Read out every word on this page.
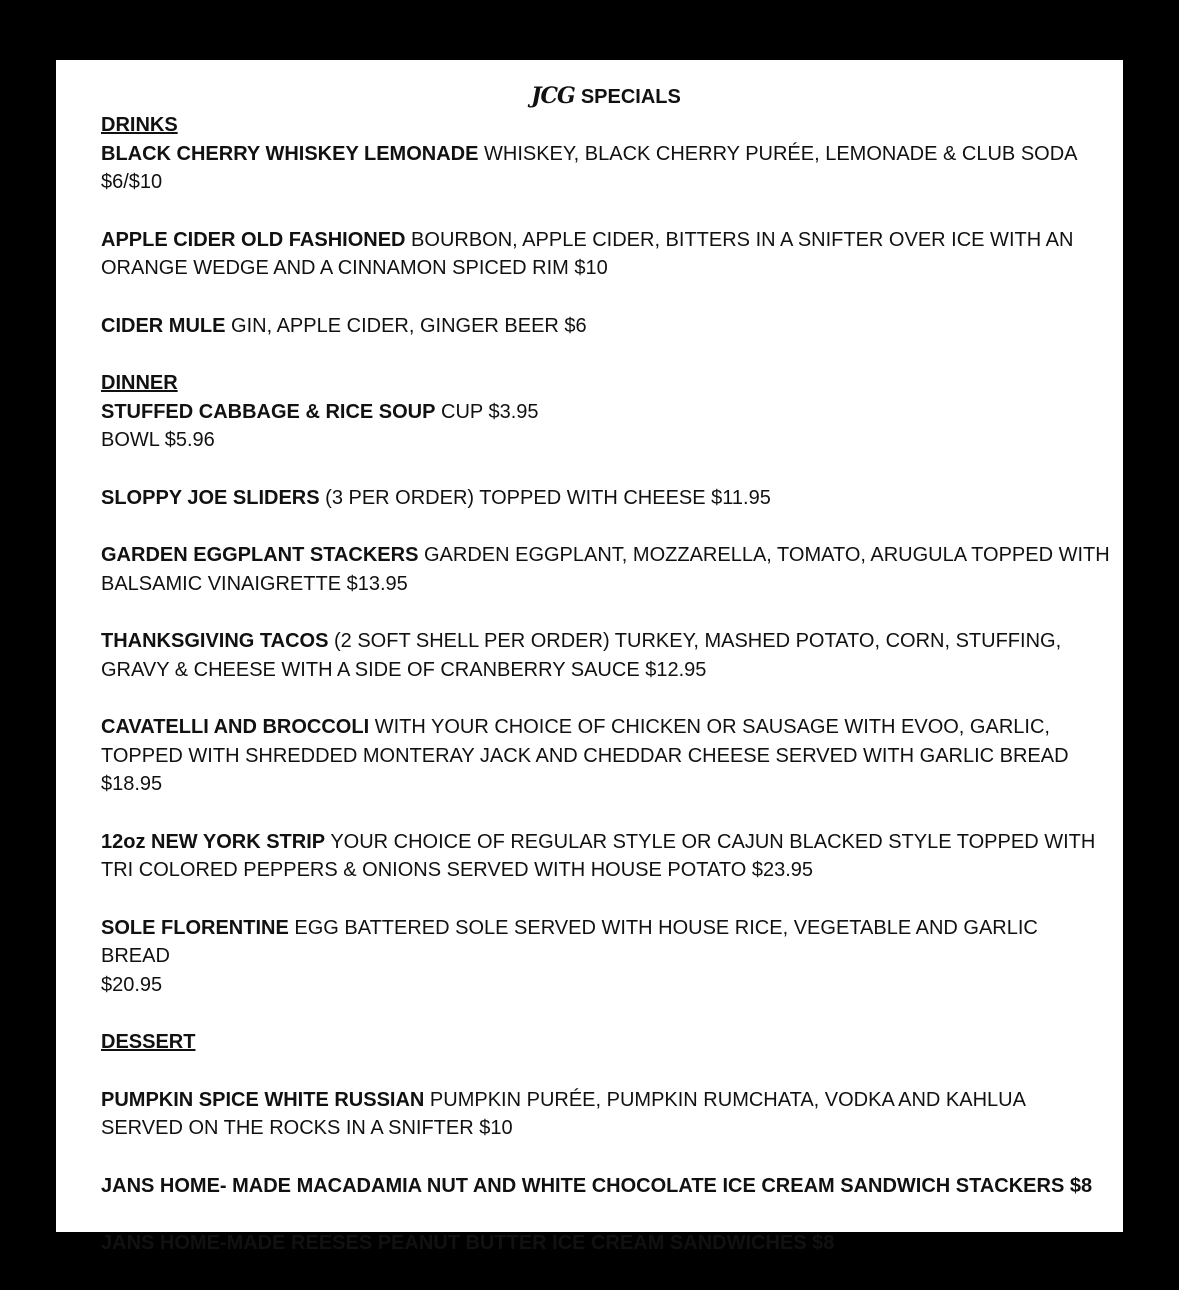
JCG SPECIALS

DRINKS

BLACK CHERRY WHISKEY LEMONADE WHISKEY, BLACK CHERRY PURÉE, LEMONADE & CLUB SODA
$6/$10

APPLE CIDER OLD FASHIONED BOURBON, APPLE CIDER, BITTERS IN A SNIFTER OVER ICE WITH AN ORANGE WEDGE AND A CINNAMON SPICED RIM $10

CIDER MULE GIN, APPLE CIDER, GINGER BEER $6

DINNER

STUFFED CABBAGE & RICE SOUP CUP $3.95
BOWL $5.96

SLOPPY JOE SLIDERS (3 PER ORDER) TOPPED WITH CHEESE $11.95

GARDEN EGGPLANT STACKERS GARDEN EGGPLANT, MOZZARELLA, TOMATO, ARUGULA TOPPED WITH BALSAMIC VINAIGRETTE $13.95

THANKSGIVING TACOS (2 SOFT SHELL PER ORDER) TURKEY, MASHED POTATO, CORN, STUFFING, GRAVY & CHEESE WITH A SIDE OF CRANBERRY SAUCE $12.95

CAVATELLI AND BROCCOLI WITH YOUR CHOICE OF CHICKEN OR SAUSAGE WITH EVOO, GARLIC, TOPPED WITH SHREDDED MONTERAY JACK AND CHEDDAR CHEESE SERVED WITH GARLIC BREAD $18.95

12oz NEW YORK STRIP YOUR CHOICE OF REGULAR STYLE OR CAJUN BLACKED STYLE TOPPED WITH TRI COLORED PEPPERS & ONIONS SERVED WITH HOUSE POTATO $23.95

SOLE FLORENTINE EGG BATTERED SOLE SERVED WITH HOUSE RICE, VEGETABLE AND GARLIC BREAD
$20.95

DESSERT

PUMPKIN SPICE WHITE RUSSIAN PUMPKIN PURÉE, PUMPKIN RUMCHATA, VODKA AND KAHLUA SERVED ON THE ROCKS IN A SNIFTER $10

JANS HOME- MADE MACADAMIA NUT AND WHITE CHOCOLATE ICE CREAM SANDWICH STACKERS $8

JANS HOME-MADE REESES PEANUT BUTTER ICE CREAM SANDWICHES $8
